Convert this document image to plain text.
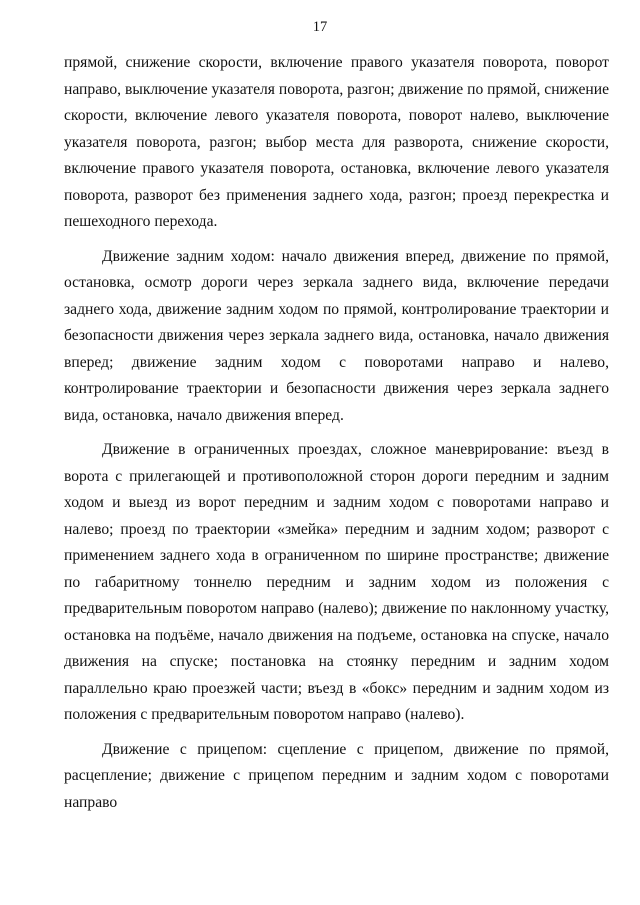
17

прямой, снижение скорости, включение правого указателя поворота, поворот направо, выключение указателя поворота, разгон; движение по прямой, снижение скорости, включение левого указателя поворота, поворот налево, выключение указателя поворота, разгон; выбор места для разворота, снижение скорости, включение правого указателя поворота, остановка, включение левого указателя поворота, разворот без применения заднего хода, разгон; проезд перекрестка и пешеходного перехода.

Движение задним ходом: начало движения вперед, движение по прямой, остановка, осмотр дороги через зеркала заднего вида, включение передачи заднего хода, движение задним ходом по прямой, контролирование траектории и безопасности движения через зеркала заднего вида, остановка, начало движения вперед; движение задним ходом с поворотами направо и налево, контролирование траектории и безопасности движения через зеркала заднего вида, остановка, начало движения вперед.

Движение в ограниченных проездах, сложное маневрирование: въезд в ворота с прилегающей и противоположной сторон дороги передним и задним ходом и выезд из ворот передним и задним ходом с поворотами направо и налево; проезд по траектории «змейка» передним и задним ходом; разворот с применением заднего хода в ограниченном по ширине пространстве; движение по габаритному тоннелю передним и задним ходом из положения с предварительным поворотом направо (налево); движение по наклонному участку, остановка на подъёме, начало движения на подъеме, остановка на спуске, начало движения на спуске; постановка на стоянку передним и задним ходом параллельно краю проезжей части; въезд в «бокс» передним и задним ходом из положения с предварительным поворотом направо (налево).

Движение с прицепом: сцепление с прицепом, движение по прямой, расцепление; движение с прицепом передним и задним ходом с поворотами направо
